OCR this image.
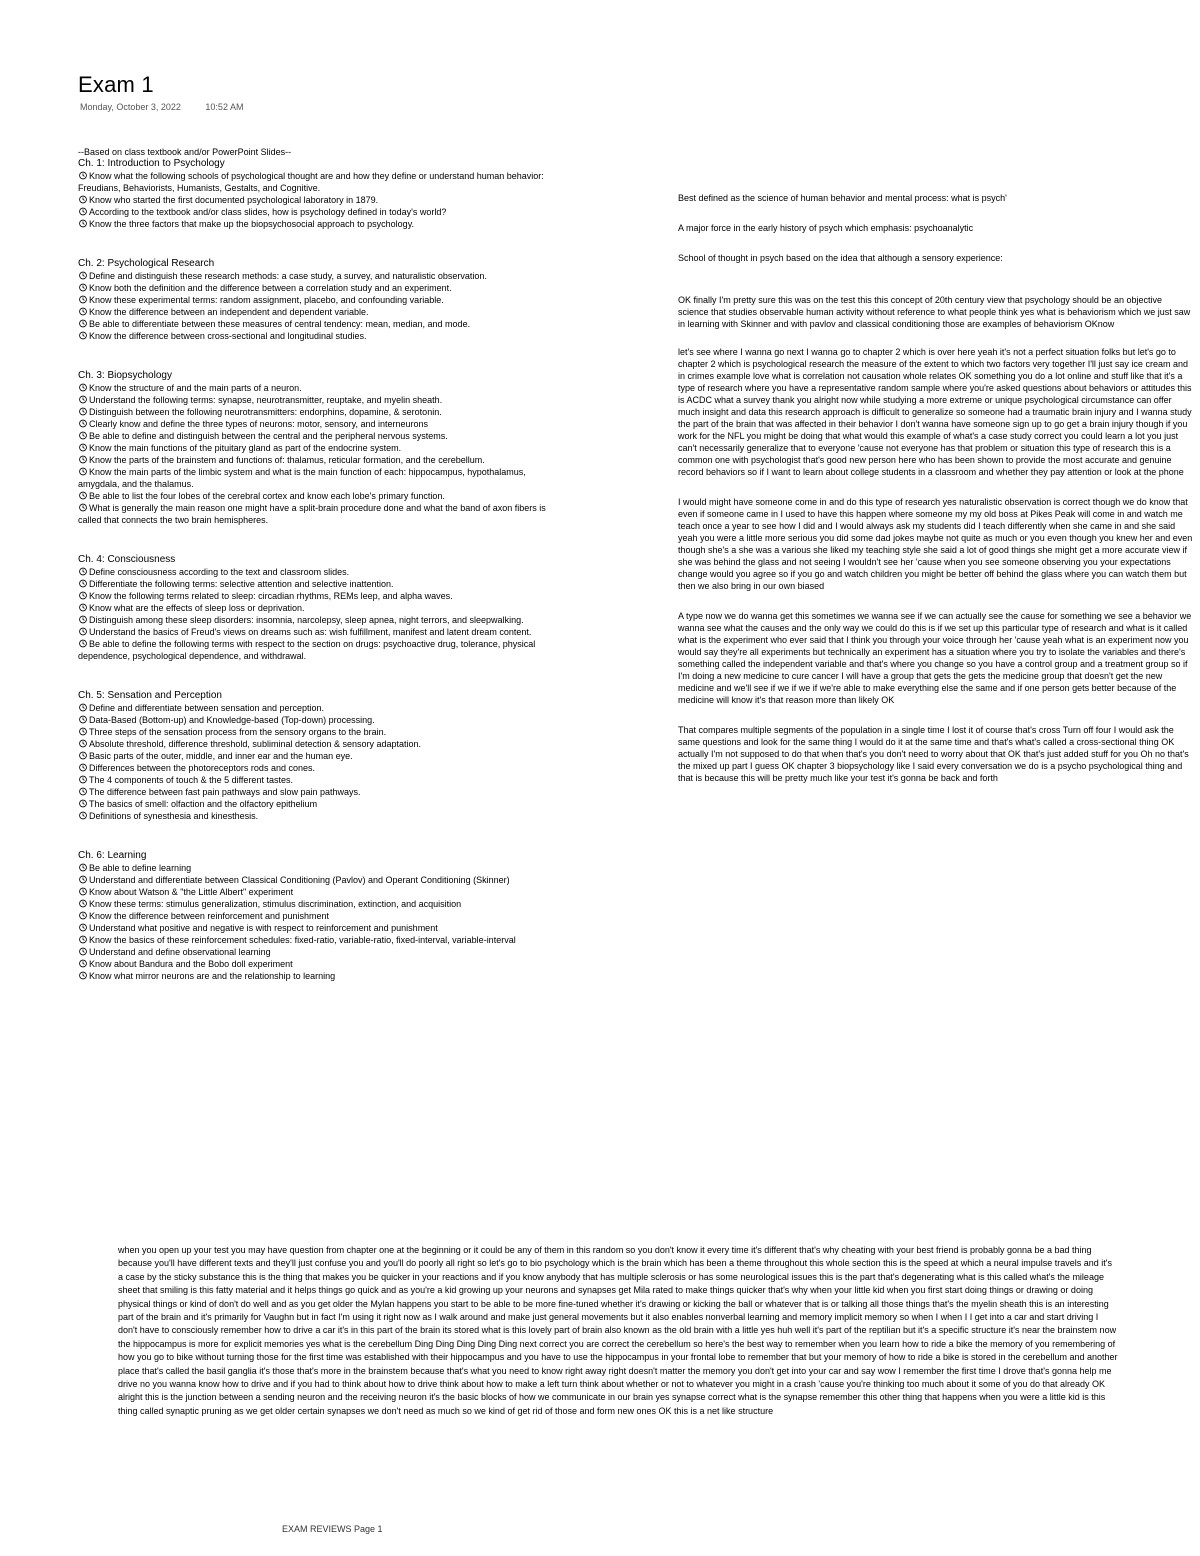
Exam 1
Monday, October 3, 2022	10:52 AM

--Based on class textbook and/or PowerPoint Slides--

Ch. 1: Introduction to Psychology

Know what the following schools of psychological thought are and how they define or understand human behavior: Freudians, Behaviorists, Humanists, Gestalts, and Cognitive.
Know who started the first documented psychological laboratory in 1879.
According to the textbook and/or class slides, how is psychology defined in today's world?
Know the three factors that make up the biopsychosocial approach to psychology.

Ch. 2: Psychological Research

Define and distinguish these research methods: a case study, a survey, and naturalistic observation.
Know both the definition and the difference between a correlation study and an experiment.
Know these experimental terms: random assignment, placebo, and confounding variable.
Know the difference between an independent and dependent variable.
Be able to differentiate between these measures of central tendency: mean, median, and mode.
Know the difference between cross-sectional and longitudinal studies.

Ch. 3: Biopsychology

Know the structure of and the main parts of a neuron.
Understand the following terms: synapse, neurotransmitter, reuptake, and myelin sheath.
Distinguish between the following neurotransmitters: endorphins, dopamine, & serotonin.
Clearly know and define the three types of neurons: motor, sensory, and interneurons
Be able to define and distinguish between the central and the peripheral nervous systems.
Know the main functions of the pituitary gland as part of the endocrine system.
Know the parts of the brainstem and functions of: thalamus, reticular formation, and the cerebellum.
Know the main parts of the limbic system and what is the main function of each: hippocampus, hypothalamus, amygdala, and the thalamus.
Be able to list the four lobes of the cerebral cortex and know each lobe's primary function.
What is generally the main reason one might have a split-brain procedure done and what the band of axon fibers is called that connects the two brain hemispheres.

Ch. 4: Consciousness

Define consciousness according to the text and classroom slides.
Differentiate the following terms: selective attention and selective inattention.
Know the following terms related to sleep: circadian rhythms, REMs leep, and alpha waves.
Know what are the effects of sleep loss or deprivation.
Distinguish among these sleep disorders: insomnia, narcolepsy, sleep apnea, night terrors, and sleepwalking.
Understand the basics of Freud's views on dreams such as: wish fulfillment, manifest and latent dream content.
Be able to define the following terms with respect to the section on drugs: psychoactive drug, tolerance, physical dependence, psychological dependence, and withdrawal.

Ch. 5: Sensation and Perception

Define and differentiate between sensation and perception.
Data-Based (Bottom-up) and Knowledge-based (Top-down) processing.
Three steps of the sensation process from the sensory organs to the brain.
Absolute threshold, difference threshold, subliminal detection & sensory adaptation.
Basic parts of the outer, middle, and inner ear and the human eye.
Differences between the photoreceptors rods and cones.
The 4 components of touch & the 5 different tastes.
The difference between fast pain pathways and slow pain pathways.
The basics of smell: olfaction and the olfactory epithelium
Definitions of synesthesia and kinesthesis.

Ch. 6: Learning

Be able to define learning
Understand and differentiate between Classical Conditioning (Pavlov) and Operant Conditioning (Skinner)
Know about Watson & "the Little Albert" experiment
Know these terms: stimulus generalization, stimulus discrimination, extinction, and acquisition
Know the difference between reinforcement and punishment
Understand what positive and negative is with respect to reinforcement and punishment
Know the basics of these reinforcement schedules: fixed-ratio, variable-ratio, fixed-interval, variable-interval
Understand and define observational learning
Know about Bandura and the Bobo doll experiment
Know what mirror neurons are and the relationship to learning

Best defined as the science of human behavior and mental process: what is psych'

A major force in the early history of psych which emphasis: psychoanalytic

School of thought in psych based on the idea that although a sensory experience:

OK finally I'm pretty sure this was on the test this this concept of 20th century view that psychology should be an objective science that studies observable human activity without reference to what people think yes what is behaviorism which we just saw in learning with Skinner and with pavlov and classical conditioning those are examples of behaviorism OKnow

let's see where I wanna go next I wanna go to chapter 2 which is over here yeah it's not a perfect situation folks but let's go to chapter 2 which is psychological research the measure of the extent to which two factors very together I'll just say ice cream and in crimes example love what is correlation not causation whole relates OK something you do a lot online and stuff like that it's a type of research where you have a representative random sample where you're asked questions about behaviors or attitudes this is ACDC what a survey thank you alright now while studying a more extreme or unique psychological circumstance can offer much insight and data this research approach is difficult to generalize so someone had a traumatic brain injury and I wanna study the part of the brain that was affected in their behavior I don't wanna have someone sign up to go get a brain injury though if you work for the NFL you might be doing that what would this example of what's a case study correct you could learn a lot you just can't necessarily generalize that to everyone 'cause not everyone has that problem or situation this type of research this is a common one with psychologist that's good new person here who has been shown to provide the most accurate and genuine record behaviors so if I want to learn about college students in a classroom and whether they pay attention or look at the phone

I would might have someone come in and do this type of research yes naturalistic observation is correct though we do know that even if someone came in I used to have this happen where someone my my old boss at Pikes Peak will come in and watch me teach once a year to see how I did and I would always ask my students did I teach differently when she came in and she said yeah you were a little more serious you did some dad jokes maybe not quite as much or you even though you knew her and even though she's a she was a various she liked my teaching style she said a lot of good things she might get a more accurate view if she was behind the glass and not seeing I wouldn't see her 'cause when you see someone observing you your expectations change would you agree so if you go and watch children you might be better off behind the glass where you can watch them but then we also bring in our own biased

A type now we do wanna get this sometimes we wanna see if we can actually see the cause for something we see a behavior we wanna see what the causes and the only way we could do this is if we set up this particular type of research and what is it called what is the experiment who ever said that I think you through your voice through her 'cause yeah what is an experiment now you would say they're all experiments but technically an experiment has a situation where you try to isolate the variables and there's something called the independent variable and that's where you change so you have a control group and a treatment group so if I'm doing a new medicine to cure cancer I will have a group that gets the gets the medicine group that doesn't get the new medicine and we'll see if we if we if we're able to make everything else the same and if one person gets better because of the medicine will know it's that reason more than likely OK

That compares multiple segments of the population in a single time I lost it of course that's cross Turn off four I would ask the same questions and look for the same thing I would do it at the same time and that's what's called a cross-sectional thing OK actually I'm not supposed to do that when that's you don't need to worry about that OK that's just added stuff for you Oh no that's the mixed up part I guess OK chapter 3 biopsychology like I said every conversation we do is a psycho psychological thing and that is because this will be pretty much like your test it's gonna be back and forth

when you open up your test you may have question from chapter one at the beginning or it could be any of them in this random so you don't know it every time it's different that's why cheating with your best friend is probably gonna be a bad thing because you'll have different texts and they'll just confuse you and you'll do poorly all right so let's go to bio psychology which is the brain which has been a theme throughout this whole section this is the speed at which a neural impulse travels and it's a case by the sticky substance this is the thing that makes you be quicker in your reactions and if you know anybody that has multiple sclerosis or has some neurological issues this is the part that's degenerating what is this called what's the mileage sheet that smiling is this fatty material and it helps things go quick and as you're a kid growing up your neurons and synapses get Mila rated to make things quicker that's why when your little kid when you first start doing things or drawing or doing physical things or kind of don't do well and as you get older the Mylan happens you start to be able to be more fine-tuned whether it's drawing or kicking the ball or whatever that is or talking all those things that's the myelin sheath this is an interesting part of the brain and it's primarily for Vaughn but in fact I'm using it right now as I walk around and make just general movements but it also enables nonverbal learning and memory implicit memory so when I when I I get into a car and start driving I don't have to consciously remember how to drive a car it's in this part of the brain its stored what is this lovely part of brain also known as the old brain with a little yes huh well it's part of the reptilian but it's a specific structure it's near the brainstem now the hippocampus is more for explicit memories yes what is the cerebellum Ding Ding Ding Ding Ding next correct you are correct the cerebellum so here's the best way to remember when you learn how to ride a bike the memory of you remembering of how you go to bike without turning those for the first time was established with their hippocampus and you have to use the hippocampus in your frontal lobe to remember that but your memory of how to ride a bike is stored in the cerebellum and another place that's called the basil ganglia it's those that's more in the brainstem because that's what you need to know right away right doesn't matter the memory you don't get into your car and say wow I remember the first time I drove that's gonna help me drive no you wanna know how to drive and if you had to think about how to drive think about how to make a left turn think about whether or not to whatever you might in a crash 'cause you're thinking too much about it some of you do that already OK alright this is the junction between a sending neuron and the receiving neuron it's the basic blocks of how we communicate in our brain yes synapse correct what is the synapse remember this other thing that happens when you were a little kid is this thing called synaptic pruning as we get older certain synapses we don't need as much so we kind of get rid of those and form new ones OK this is a net like structure

EXAM REVIEWS Page 1
